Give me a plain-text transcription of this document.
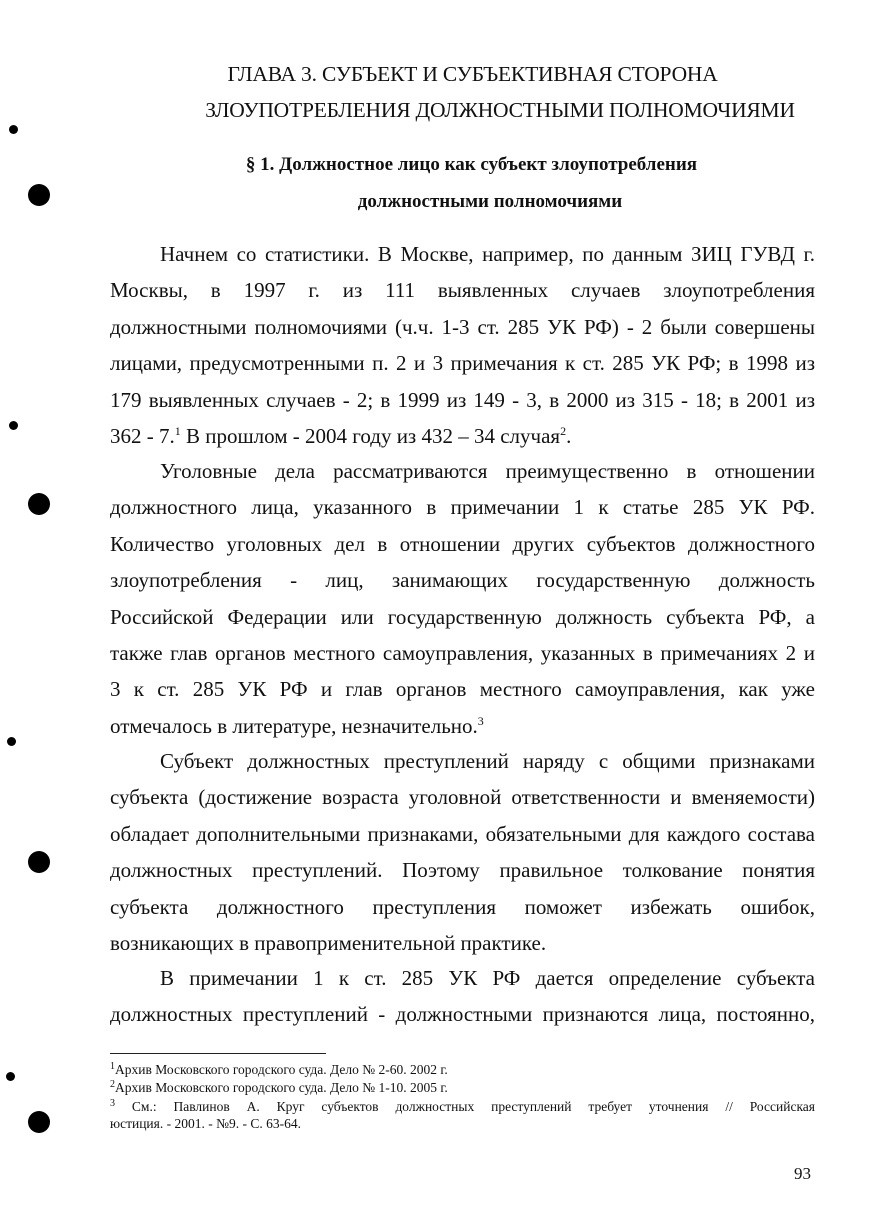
ГЛАВА 3. СУБЪЕКТ И СУБЪЕКТИВНАЯ СТОРОНА
ЗЛОУПОТРЕБЛЕНИЯ ДОЛЖНОСТНЫМИ ПОЛНОМОЧИЯМИ
§ 1. Должностное лицо как субъект злоупотребления
должностными полномочиями
Начнем со статистики. В Москве, например, по данным ЗИЦ ГУВД г.
Москвы, в 1997 г. из 111 выявленных случаев злоупотребления
должностными полномочиями (ч.ч. 1-3 ст. 285 УК РФ) - 2 были совершены
лицами, предусмотренными п. 2 и 3 примечания к ст. 285 УК РФ; в 1998 из
179 выявленных случаев - 2; в 1999 из 149 - 3, в 2000 из 315 - 18; в 2001 из
362 - 7.$^1$ В прошлом - 2004 году из 432 – 34 случая$^2$.
Уголовные дела рассматриваются преимущественно в отношении
должностного лица, указанного в примечании 1 к статье 285 УК РФ.
Количество уголовных дел в отношении других субъектов должностного
злоупотребления - лиц, занимающих государственную должность
Российской Федерации или государственную должность субъекта РФ, а
также глав органов местного самоуправления, указанных в примечаниях 2 и
3 к ст. 285 УК РФ и глав органов местного самоуправления, как уже
отмечалось в литературе, незначительно.$^3$
Субъект должностных преступлений наряду с общими признаками
субъекта (достижение возраста уголовной ответственности и вменяемости)
обладает дополнительными признаками, обязательными для каждого состава
должностных преступлений. Поэтому правильное толкование понятия
субъекта должностного преступления поможет избежать ошибок,
возникающих в правоприменительной практике.
В примечании 1 к ст. 285 УК РФ дается определение субъекта
должностных преступлений - должностными признаются лица, постоянно,
$^1$Архив Московского городского суда. Дело № 2-60. 2002 г.
$^2$Архив Московского городского суда. Дело № 1-10. 2005 г.
$^3$ См.: Павлинов А. Круг субъектов должностных преступлений требует уточнения // Российская
юстиция. - 2001. - №9. - С. 63-64.
93
